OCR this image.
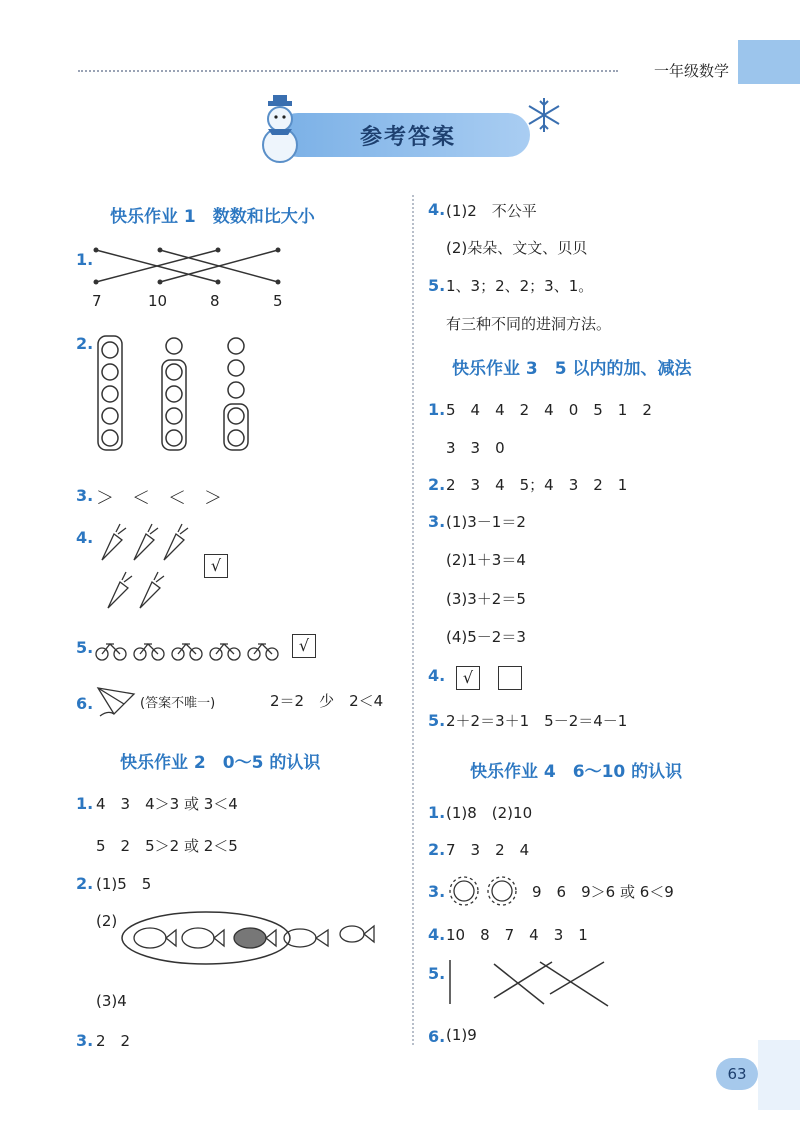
一年级数学
参考答案
快乐作业 1　数数和比大小
1.
7	10	8	5
2.
3. ＞　＜　＜　＞
4.
√
5.	√
6.	(答案不唯一)	2＝2　少　2＜4
快乐作业 2　0～5 的认识
1. 4　3　4＞3 或 3＜4
5　2　5＞2 或 2＜5
2. (1)5　5
(2)
(3)4
3. 2　2
4. (1)2　不公平
(2)朵朵、文文、贝贝
5. 1、3；2、2；3、1。
有三种不同的进洞方法。
快乐作业 3　5 以内的加、减法
1. 5　4　4　2　4　0　5　1　2
3　3　0
2. 2　3　4　5；4　3　2　1
3. (1)3－1＝2
(2)1＋3＝4
(3)3＋2＝5
(4)5－2＝3
4.	√
5. 2＋2＝3＋1　5－2＝4－1
快乐作业 4　6～10 的认识
1. (1)8　(2)10
2. 7　3　2　4
3.	9　6　9＞6 或 6＜9
4. 10　8　7　4　3　1
5.
6. (1)9
63
